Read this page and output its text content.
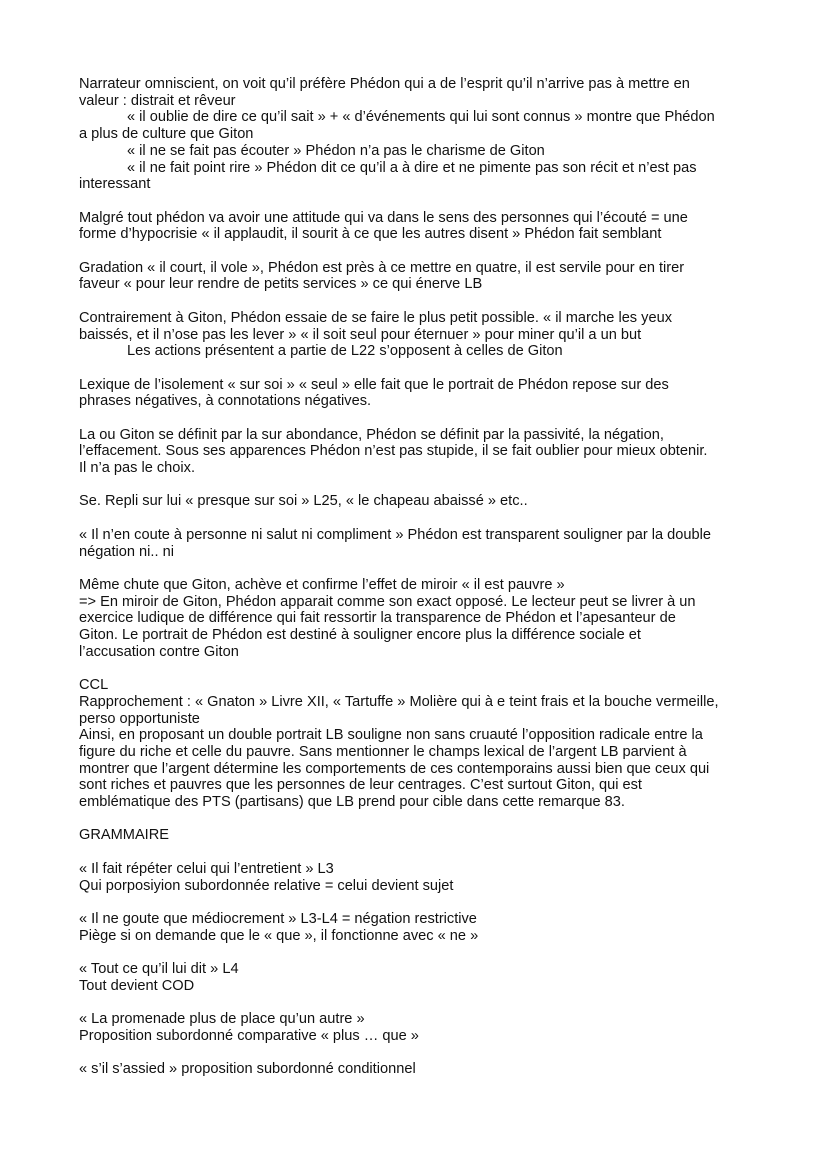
Narrateur omniscient, on voit qu’il préfère Phédon qui a de l’esprit qu’il n’arrive pas à mettre en
valeur : distrait et rêveur
« il oublie de dire ce qu’il sait » + « d’événements qui lui sont connus » montre que Phédon
a plus de culture que Giton
« il ne se fait pas écouter » Phédon n’a pas le charisme de Giton
« il ne fait point rire » Phédon dit ce qu’il a à dire et ne pimente pas son récit et n’est pas
interessant
Malgré tout phédon va avoir une attitude qui va dans le sens des personnes qui l’écouté = une
forme d’hypocrisie « il applaudit, il sourit à ce que les autres disent » Phédon fait semblant
Gradation « il court, il vole », Phédon est près à ce mettre en quatre, il est servile pour en tirer
faveur « pour leur rendre de petits services » ce qui énerve LB
Contrairement à Giton, Phédon essaie de se faire le plus petit possible. « il marche les yeux
baissés, et il n’ose pas les lever » « il soit seul pour éternuer » pour miner qu’il a un but
Les actions présentent a partie de L22 s’opposent à celles de Giton
Lexique de l’isolement « sur soi » « seul » elle fait que le portrait de Phédon repose sur des
phrases négatives, à connotations négatives.
La ou Giton se définit par la sur abondance, Phédon se définit par la passivité, la négation,
l’effacement. Sous ses apparences Phédon n’est pas stupide, il se fait oublier pour mieux obtenir.
Il n’a pas le choix.
Se. Repli sur lui « presque sur soi » L25, « le chapeau abaissé » etc..
« Il n’en coute à personne ni salut ni compliment » Phédon est transparent souligner par la double
négation ni.. ni
Même chute que Giton, achève et confirme l’effet de miroir « il est pauvre »
=> En miroir de Giton, Phédon apparait comme son exact opposé. Le lecteur peut se livrer à un
exercice ludique de différence qui fait ressortir la transparence de Phédon et l’apesanteur de
Giton. Le portrait de Phédon est destiné à souligner encore plus la différence sociale et
l’accusation contre Giton
CCL
Rapprochement : « Gnaton » Livre XII, « Tartuffe » Molière qui à e teint frais et la bouche vermeille,
perso opportuniste
Ainsi, en proposant un double portrait LB souligne non sans cruauté l’opposition radicale entre la
figure du riche et celle du pauvre. Sans mentionner le champs lexical de l’argent LB parvient à
montrer que l’argent détermine les comportements de ces contemporains aussi bien que ceux qui
sont riches et pauvres que les personnes de leur centrages. C’est surtout Giton, qui est
emblématique des PTS (partisans) que LB prend pour cible dans cette remarque 83.
GRAMMAIRE
« Il fait répéter celui qui l’entretient » L3
Qui porposiyion subordonnée relative = celui devient sujet
« Il ne goute que médiocrement » L3-L4 = négation restrictive
Piège si on demande que le « que », il fonctionne avec « ne »
« Tout ce qu’il lui dit » L4
Tout devient COD
« La promenade plus de place qu’un autre »
Proposition subordonné comparative « plus … que »
« s’il s’assied » proposition subordonné conditionnel
